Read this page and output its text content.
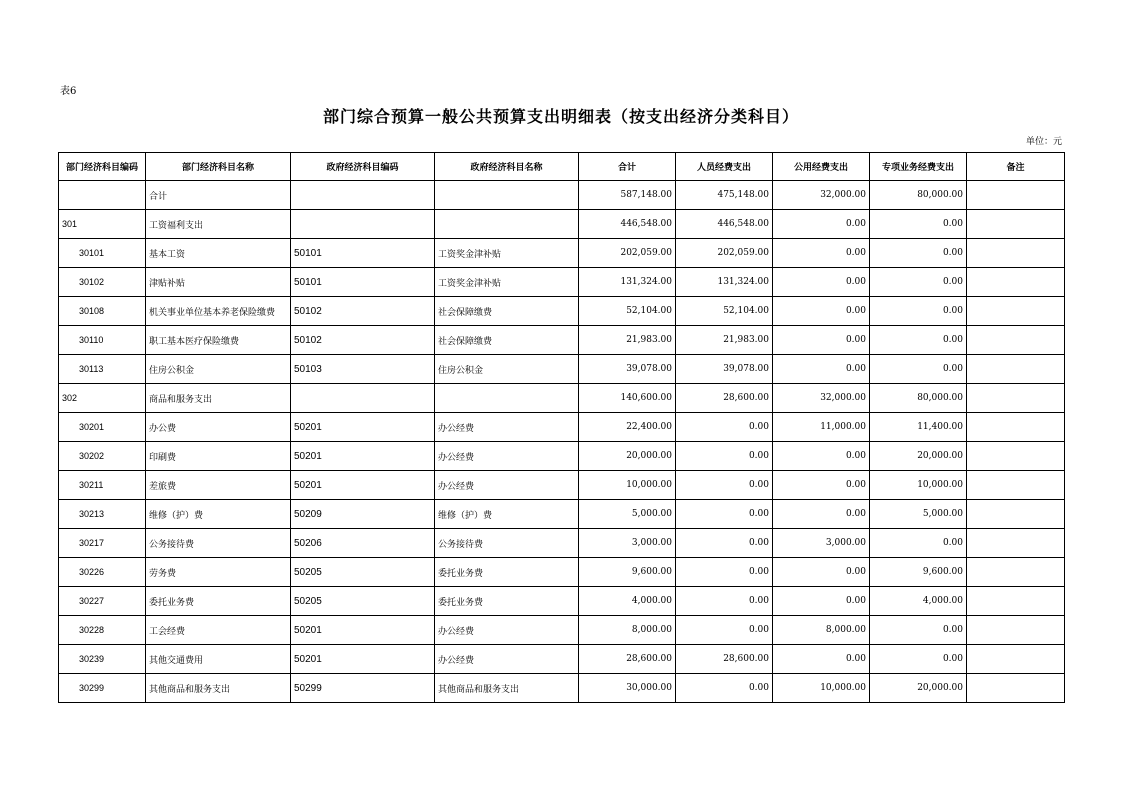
表6
部门综合预算一般公共预算支出明细表（按支出经济分类科目）
单位：元
部门经济科目编码	部门经济科目名称	政府经济科目编码	政府经济科目名称	合计	人员经费支出	公用经费支出	专项业务经费支出	备注
	合计			587,148.00	475,148.00	32,000.00	80,000.00	
301	工资福利支出			446,548.00	446,548.00	0.00	0.00	
30101	基本工资	50101	工资奖金津补贴	202,059.00	202,059.00	0.00	0.00	
30102	津贴补贴	50101	工资奖金津补贴	131,324.00	131,324.00	0.00	0.00	
30108	机关事业单位基本养老保险缴费	50102	社会保障缴费	52,104.00	52,104.00	0.00	0.00	
30110	职工基本医疗保险缴费	50102	社会保障缴费	21,983.00	21,983.00	0.00	0.00	
30113	住房公积金	50103	住房公积金	39,078.00	39,078.00	0.00	0.00	
302	商品和服务支出			140,600.00	28,600.00	32,000.00	80,000.00	
30201	办公费	50201	办公经费	22,400.00	0.00	11,000.00	11,400.00	
30202	印刷费	50201	办公经费	20,000.00	0.00	0.00	20,000.00	
30211	差旅费	50201	办公经费	10,000.00	0.00	0.00	10,000.00	
30213	维修（护）费	50209	维修（护）费	5,000.00	0.00	0.00	5,000.00	
30217	公务接待费	50206	公务接待费	3,000.00	0.00	3,000.00	0.00	
30226	劳务费	50205	委托业务费	9,600.00	0.00	0.00	9,600.00	
30227	委托业务费	50205	委托业务费	4,000.00	0.00	0.00	4,000.00	
30228	工会经费	50201	办公经费	8,000.00	0.00	8,000.00	0.00	
30239	其他交通费用	50201	办公经费	28,600.00	28,600.00	0.00	0.00	
30299	其他商品和服务支出	50299	其他商品和服务支出	30,000.00	0.00	10,000.00	20,000.00	
